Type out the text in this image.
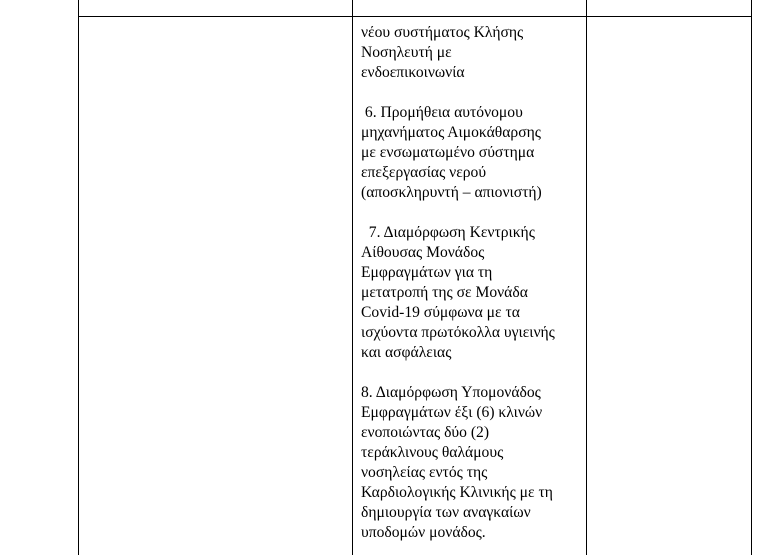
νέου συστήματος Κλήσης
Νοσηλευτή με
ενδοεπικοινωνία
6. Προμήθεια αυτόνομου
μηχανήματος Αιμοκάθαρσης
με ενσωματωμένο σύστημα
επεξεργασίας νερού
(αποσκληρυντή – απιονιστή)
7. Διαμόρφωση Κεντρικής
Αίθουσας Μονάδος
Εμφραγμάτων για τη
μετατροπή της σε Μονάδα
Covid-19 σύμφωνα με τα
ισχύοντα πρωτόκολλα υγιεινής
και ασφάλειας
8. Διαμόρφωση Υπομονάδος
Εμφραγμάτων έξι (6) κλινών
ενοποιώντας δύο (2)
τεράκλινους θαλάμους
νοσηλείας εντός της
Καρδιολογικής Κλινικής με τη
δημιουργία των αναγκαίων
υποδομών μονάδος.
